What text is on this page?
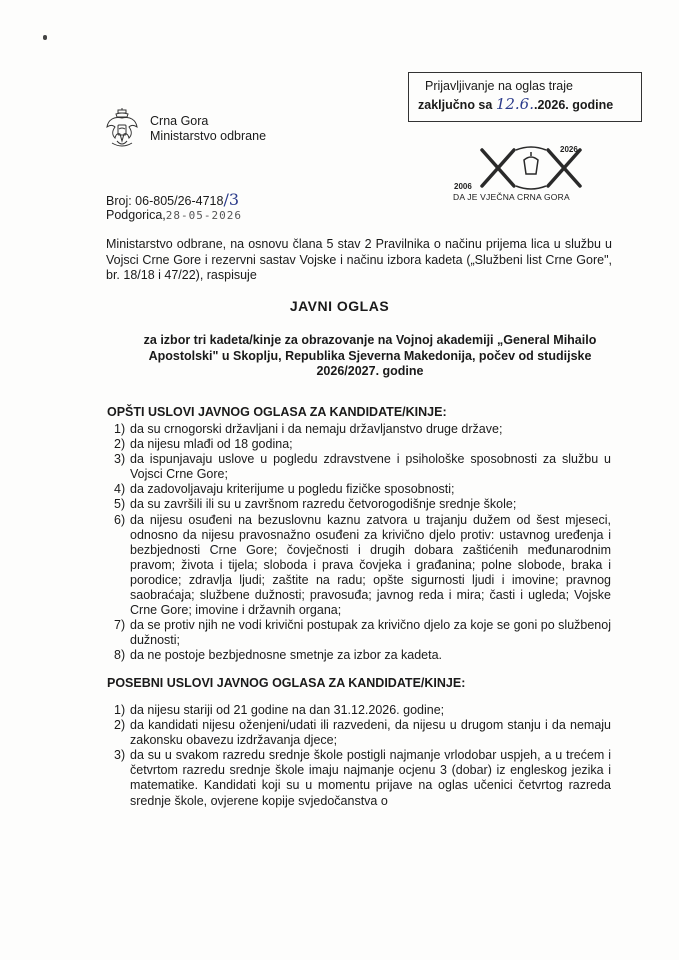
Prijavljivanje na oglas traje
zaključno sa 12.6..2026. godine
Crna Gora
Ministarstvo odbrane
2006
2026
DA JE VJEČNA CRNA GORA
Broj: 06-805/26-4718/3
Podgorica,28-05-2026
Ministarstvo odbrane, na osnovu člana 5 stav 2 Pravilnika o načinu prijema lica u službu u Vojsci Crne Gore i rezervni sastav Vojske i načinu izbora kadeta („Službeni list Crne Gore", br. 18/18 i 47/22), raspisuje
JAVNI OGLAS
za izbor tri kadeta/kinje za obrazovanje na Vojnoj akademiji „General Mihailo Apostolski" u Skoplju, Republika Sjeverna Makedonija, počev od studijske 2026/2027. godine
OPŠTI USLOVI JAVNOG OGLASA ZA KANDIDATE/KINJE:
1) da su crnogorski državljani i da nemaju državljanstvo druge države;
2) da nijesu mlađi od 18 godina;
3) da ispunjavaju uslove u pogledu zdravstvene i psihološke sposobnosti za službu u Vojsci Crne Gore;
4) da zadovoljavaju kriterijume u pogledu fizičke sposobnosti;
5) da su završili ili su u završnom razredu četvorogodišnje srednje škole;
6) da nijesu osuđeni na bezuslovnu kaznu zatvora u trajanju dužem od šest mjeseci, odnosno da nijesu pravosnažno osuđeni za krivično djelo protiv: ustavnog uređenja i bezbjednosti Crne Gore; čovječnosti i drugih dobara zaštićenih međunarodnim pravom; života i tijela; sloboda i prava čovjeka i građanina; polne slobode, braka i porodice; zdravlja ljudi; zaštite na radu; opšte sigurnosti ljudi i imovine; pravnog saobraćaja; službene dužnosti; pravosuđa; javnog reda i mira; časti i ugleda; Vojske Crne Gore; imovine i državnih organa;
7) da se protiv njih ne vodi krivični postupak za krivično djelo za koje se goni po službenoj dužnosti;
8) da ne postoje bezbjednosne smetnje za izbor za kadeta.
POSEBNI USLOVI JAVNOG OGLASA ZA KANDIDATE/KINJE:
1) da nijesu stariji od 21 godine na dan 31.12.2026. godine;
2) da kandidati nijesu oženjeni/udati ili razvedeni, da nijesu u drugom stanju i da nemaju zakonsku obavezu izdržavanja djece;
3) da su u svakom razredu srednje škole postigli najmanje vrlodobar uspjeh, a u trećem i četvrtom razredu srednje škole imaju najmanje ocjenu 3 (dobar) iz engleskog jezika i matematike. Kandidati koji su u momentu prijave na oglas učenici četvrtog razreda srednje škole, ovjerene kopije svjedočanstva o
